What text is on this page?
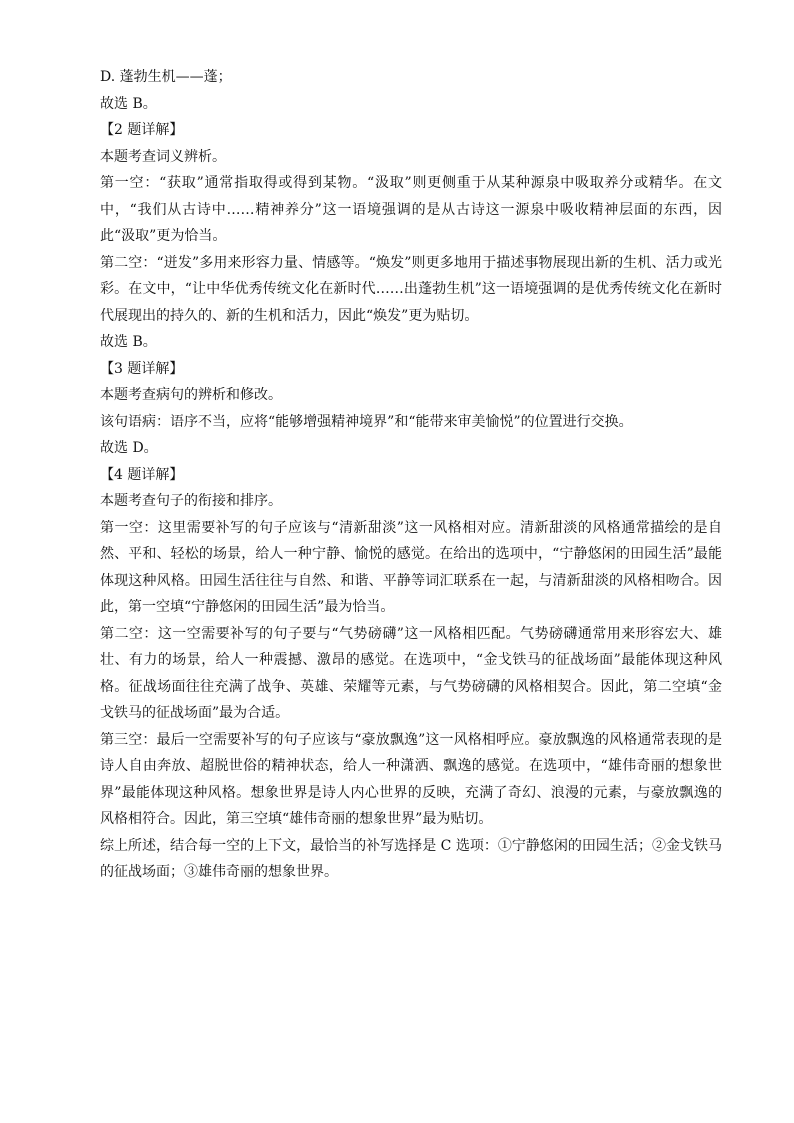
D. 蓬勃生机——蓬；

故选 B。

【2 题详解】

本题考查词义辨析。

第一空：“获取”通常指取得或得到某物。“汲取”则更侧重于从某种源泉中吸取养分或精华。在文中，“我们从古诗中……精神养分”这一语境强调的是从古诗这一源泉中吸收精神层面的东西，因此“汲取”更为恰当。

第二空：“迸发”多用来形容力量、情感等。“焕发”则更多地用于描述事物展现出新的生机、活力或光彩。在文中，“让中华优秀传统文化在新时代……出蓬勃生机”这一语境强调的是优秀传统文化在新时代展现出的持久的、新的生机和活力，因此“焕发”更为贴切。

故选 B。

【3 题详解】

本题考查病句的辨析和修改。

该句语病：语序不当，应将“能够增强精神境界”和“能带来审美愉悦”的位置进行交换。

故选 D。

【4 题详解】

本题考查句子的衔接和排序。

第一空：这里需要补写的句子应该与“清新甜淡”这一风格相对应。清新甜淡的风格通常描绘的是自然、平和、轻松的场景，给人一种宁静、愉悦的感觉。在给出的选项中，“宁静悠闲的田园生活”最能体现这种风格。田园生活往往与自然、和谐、平静等词汇联系在一起，与清新甜淡的风格相吻合。因此，第一空填“宁静悠闲的田园生活”最为恰当。

第二空：这一空需要补写的句子要与“气势磅礴”这一风格相匹配。气势磅礴通常用来形容宏大、雄壮、有力的场景，给人一种震撼、激昂的感觉。在选项中，“金戈铁马的征战场面”最能体现这种风格。征战场面往往充满了战争、英雄、荣耀等元素，与气势磅礴的风格相契合。因此，第二空填“金戈铁马的征战场面”最为合适。

第三空：最后一空需要补写的句子应该与“豪放飘逸”这一风格相呼应。豪放飘逸的风格通常表现的是诗人自由奔放、超脱世俗的精神状态，给人一种潇洒、飘逸的感觉。在选项中，“雄伟奇丽的想象世界”最能体现这种风格。想象世界是诗人内心世界的反映，充满了奇幻、浪漫的元素，与豪放飘逸的风格相符合。因此，第三空填“雄伟奇丽的想象世界”最为贴切。

综上所述，结合每一空的上下文，最恰当的补写选择是 C 选项：①宁静悠闲的田园生活；②金戈铁马的征战场面；③雄伟奇丽的想象世界。
